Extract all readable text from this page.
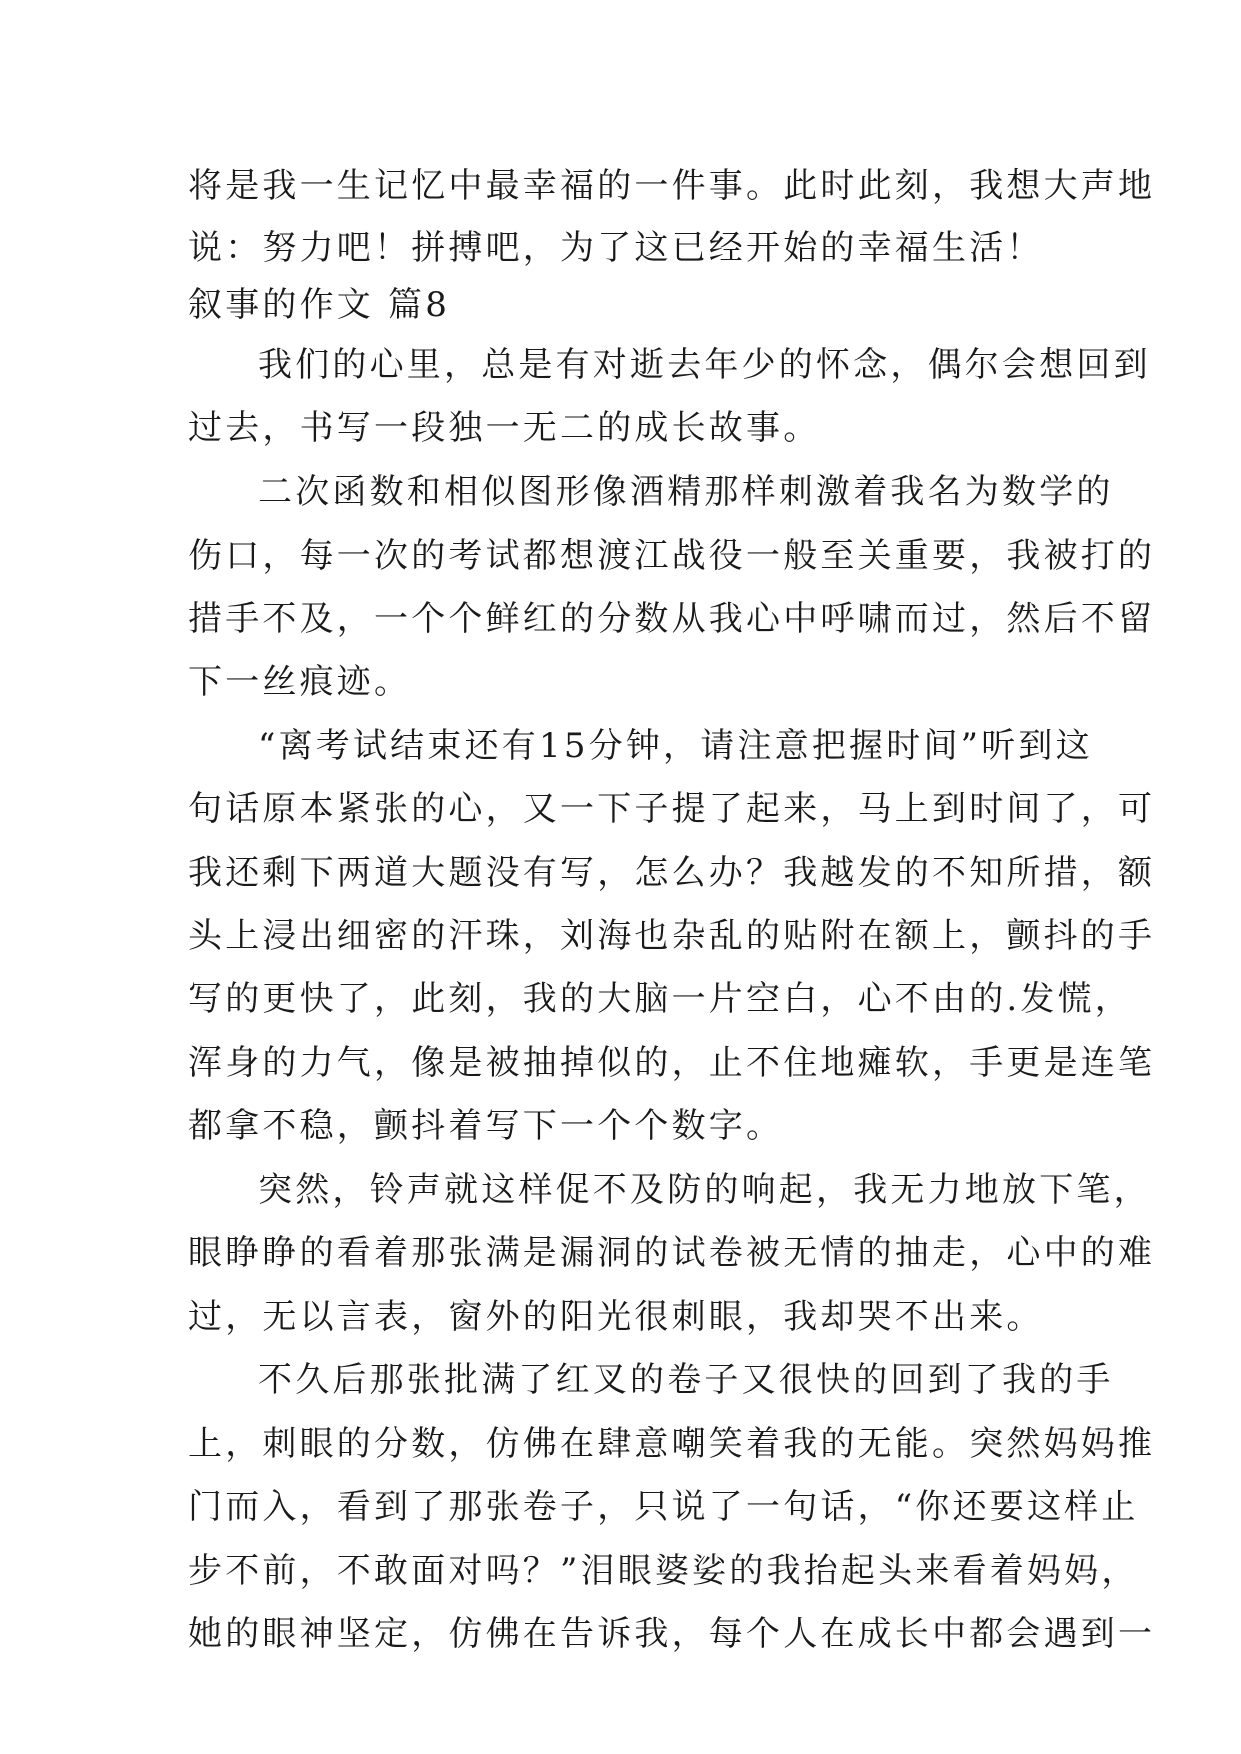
将是我一生记忆中最幸福的一件事。此时此刻，我想大声地
说：努力吧！拼搏吧，为了这已经开始的幸福生活！
叙事的作文 篇8
我们的心里，总是有对逝去年少的怀念，偶尔会想回到
过去，书写一段独一无二的成长故事。
二次函数和相似图形像酒精那样刺激着我名为数学的
伤口，每一次的考试都想渡江战役一般至关重要，我被打的
措手不及，一个个鲜红的分数从我心中呼啸而过，然后不留
下一丝痕迹。
“离考试结束还有15分钟，请注意把握时间”听到这
句话原本紧张的心，又一下子提了起来，马上到时间了，可
我还剩下两道大题没有写，怎么办？我越发的不知所措，额
头上浸出细密的汗珠，刘海也杂乱的贴附在额上，颤抖的手
写的更快了，此刻，我的大脑一片空白，心不由的.发慌，
浑身的力气，像是被抽掉似的，止不住地瘫软，手更是连笔
都拿不稳，颤抖着写下一个个数字。
突然，铃声就这样促不及防的响起，我无力地放下笔，
眼睁睁的看着那张满是漏洞的试卷被无情的抽走，心中的难
过，无以言表，窗外的阳光很刺眼，我却哭不出来。
不久后那张批满了红叉的卷子又很快的回到了我的手
上，刺眼的分数，仿佛在肆意嘲笑着我的无能。突然妈妈推
门而入，看到了那张卷子，只说了一句话，“你还要这样止
步不前，不敢面对吗？”泪眼婆娑的我抬起头来看着妈妈，
她的眼神坚定，仿佛在告诉我，每个人在成长中都会遇到一
